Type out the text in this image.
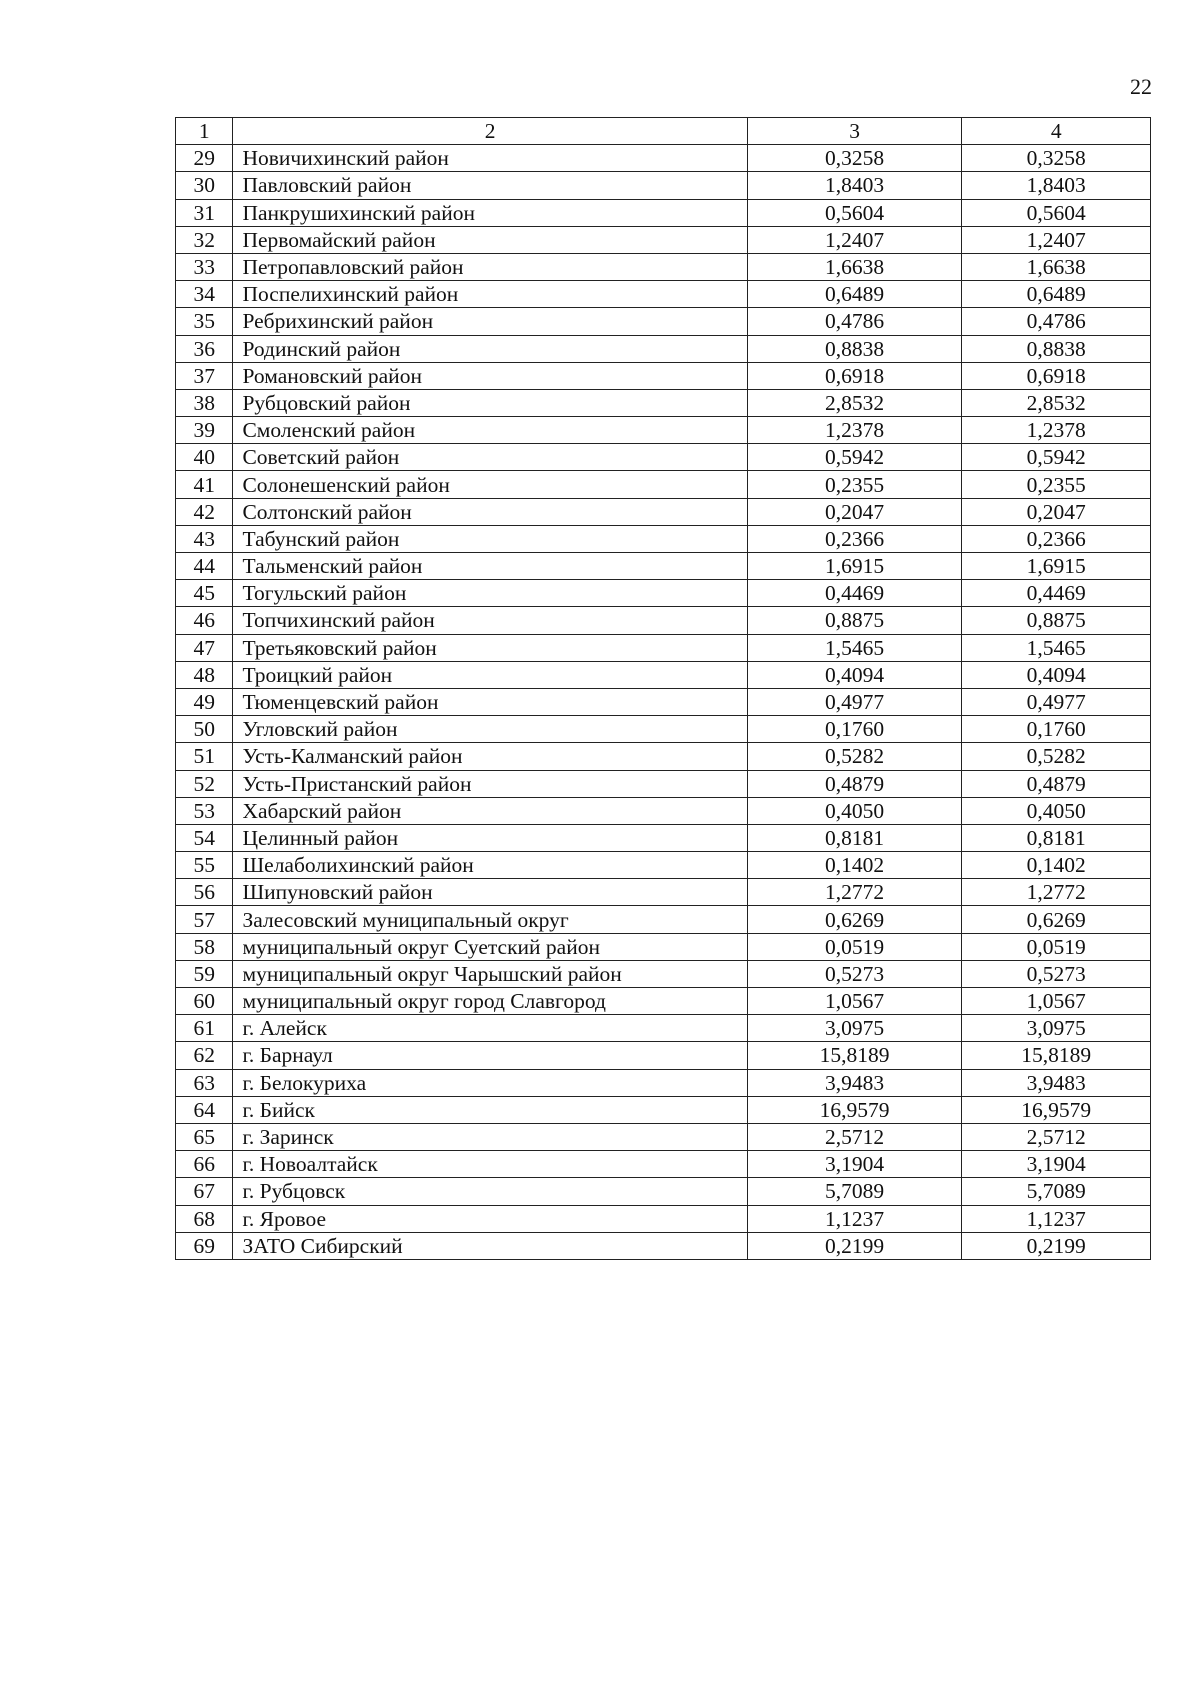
22
1	2	3	4
29	Новичихинский район	0,3258	0,3258
30	Павловский район	1,8403	1,8403
31	Панкрушихинский район	0,5604	0,5604
32	Первомайский район	1,2407	1,2407
33	Петропавловский район	1,6638	1,6638
34	Поспелихинский район	0,6489	0,6489
35	Ребрихинский район	0,4786	0,4786
36	Родинский район	0,8838	0,8838
37	Романовский район	0,6918	0,6918
38	Рубцовский район	2,8532	2,8532
39	Смоленский район	1,2378	1,2378
40	Советский район	0,5942	0,5942
41	Солонешенский район	0,2355	0,2355
42	Солтонский район	0,2047	0,2047
43	Табунский район	0,2366	0,2366
44	Тальменский район	1,6915	1,6915
45	Тогульский район	0,4469	0,4469
46	Топчихинский район	0,8875	0,8875
47	Третьяковский район	1,5465	1,5465
48	Троицкий район	0,4094	0,4094
49	Тюменцевский район	0,4977	0,4977
50	Угловский район	0,1760	0,1760
51	Усть-Калманский район	0,5282	0,5282
52	Усть-Пристанский район	0,4879	0,4879
53	Хабарский район	0,4050	0,4050
54	Целинный район	0,8181	0,8181
55	Шелаболихинский район	0,1402	0,1402
56	Шипуновский район	1,2772	1,2772
57	Залесовский муниципальный округ	0,6269	0,6269
58	муниципальный округ Суетский район	0,0519	0,0519
59	муниципальный округ Чарышский район	0,5273	0,5273
60	муниципальный округ город Славгород	1,0567	1,0567
61	г. Алейск	3,0975	3,0975
62	г. Барнаул	15,8189	15,8189
63	г. Белокуриха	3,9483	3,9483
64	г. Бийск	16,9579	16,9579
65	г. Заринск	2,5712	2,5712
66	г. Новоалтайск	3,1904	3,1904
67	г. Рубцовск	5,7089	5,7089
68	г. Яровое	1,1237	1,1237
69	ЗАТО Сибирский	0,2199	0,2199
